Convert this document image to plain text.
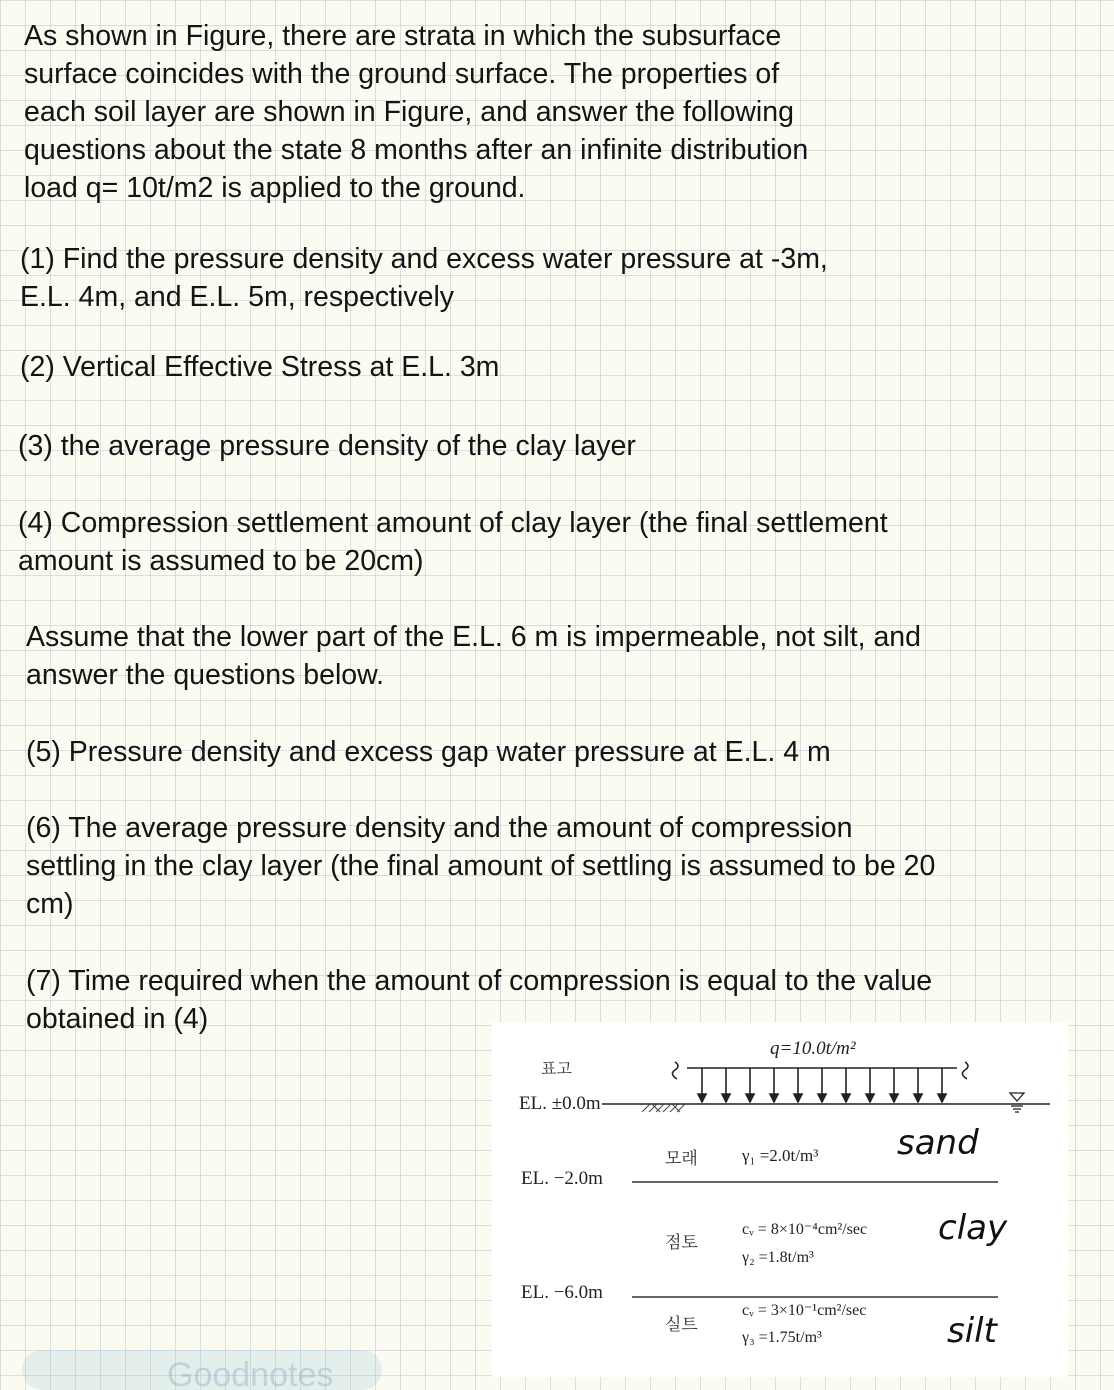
As shown in Figure, there are strata in which the subsurface
surface coincides with the ground surface. The properties of
each soil layer are shown in Figure, and answer the following
questions about the state 8 months after an infinite distribution
load q= 10t/m2 is applied to the ground.

(1) Find the pressure density and excess water pressure at -3m,
E.L. 4m, and E.L. 5m, respectively

(2) Vertical Effective Stress at E.L. 3m

(3) the average pressure density of the clay layer

(4) Compression settlement amount of clay layer (the final settlement
amount is assumed to be 20cm)

Assume that the lower part of the E.L. 6 m is impermeable, not silt, and
answer the questions below.

(5) Pressure density and excess gap water pressure at E.L. 4 m

(6) The average pressure density and the amount of compression
settling in the clay layer (the final amount of settling is assumed to be 20
cm)

(7) Time required when the amount of compression is equal to the value
obtained in (4)

q=10.0t/m²
표고
EL. ±0.0m
EL. −2.0m
EL. −6.0m
모래	γ₁ =2.0t/m³ sand
점토
cᵥ = 8×10⁻⁴cm²/sec
γ₂ =1.8t/m³
clay
실트
cᵥ = 3×10⁻¹cm²/sec
γ₃ =1.75t/m³	silt
Goodnotes
